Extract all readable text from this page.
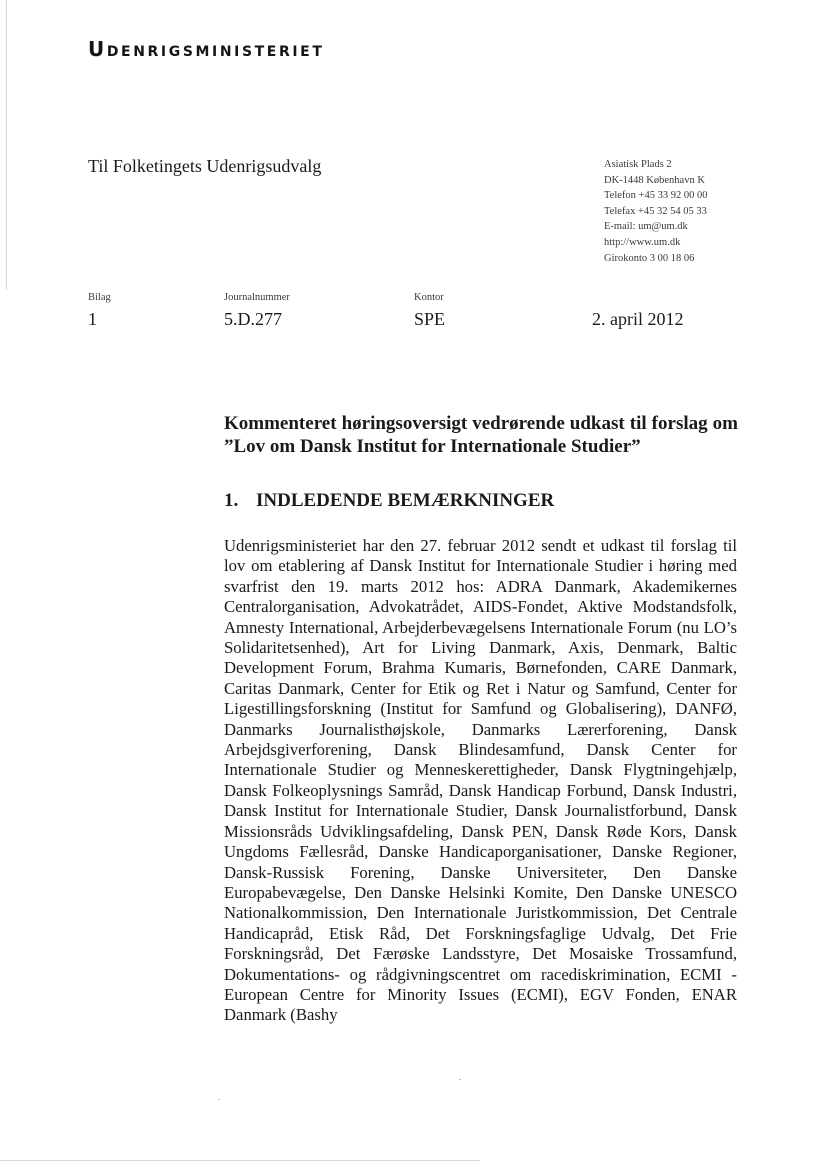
Udenrigsministeriet
Til Folketingets Udenrigsudvalg	Asiatisk Plads 2
DK-1448 København K
Telefon +45 33 92 00 00
Telefax +45 32 54 05 33
E-mail: um@um.dk
http://www.um.dk
Girokonto 3 00 18 06
Bilag
1
Journalnummer
5.D.277
Kontor
SPE	2. april 2012
Kommenteret høringsoversigt vedrørende udkast til forslag om ”Lov om Dansk Institut for Internationale Studier”
1. INDLEDENDE BEMÆRKNINGER

Udenrigsministeriet har den 27. februar 2012 sendt et udkast til forslag til lov om etablering af Dansk Institut for Internationale Studier i høring med svarfrist den 19. marts 2012 hos: ADRA Danmark, Akademikernes Centralorganisation, Advokatrådet, AIDS-Fondet, Aktive Modstandsfolk, Amnesty International, Arbejderbevægelsens Internationale Forum (nu LO’s Solidaritetsenhed), Art for Living Danmark, Axis, Denmark, Baltic Development Forum, Brahma Kumaris, Børnefonden, CARE Danmark, Caritas Danmark, Center for Etik og Ret i Natur og Samfund, Center for Ligestillingsforskning (Institut for Samfund og Globalisering), DANFØ, Danmarks Journalisthøjskole, Danmarks Lærerforening, Dansk Arbejdsgiverforening, Dansk Blindesamfund, Dansk Center for Internationale Studier og Menneskerettigheder, Dansk Flygtningehjælp, Dansk Folkeoplysnings Samråd, Dansk Handicap Forbund, Dansk Industri, Dansk Institut for Internationale Studier, Dansk Journalistforbund, Dansk Missionsråds Udviklingsafdeling, Dansk PEN, Dansk Røde Kors, Dansk Ungdoms Fællesråd, Danske Handicaporganisationer, Danske Regioner, Dansk-Russisk Forening, Danske Universiteter, Den Danske Europabevægelse, Den Danske Helsinki Komite, Den Danske UNESCO Nationalkommission, Den Internationale Juristkommission, Det Centrale Handicapråd, Etisk Råd, Det Forskningsfaglige Udvalg, Det Frie Forskningsråd, Det Færøske Landsstyre, Det Mosaiske Trossamfund, Dokumentations- og rådgivningscentret om racediskrimination, ECMI - European Centre for Minority Issues (ECMI), EGV Fonden, ENAR Danmark (Bashy
